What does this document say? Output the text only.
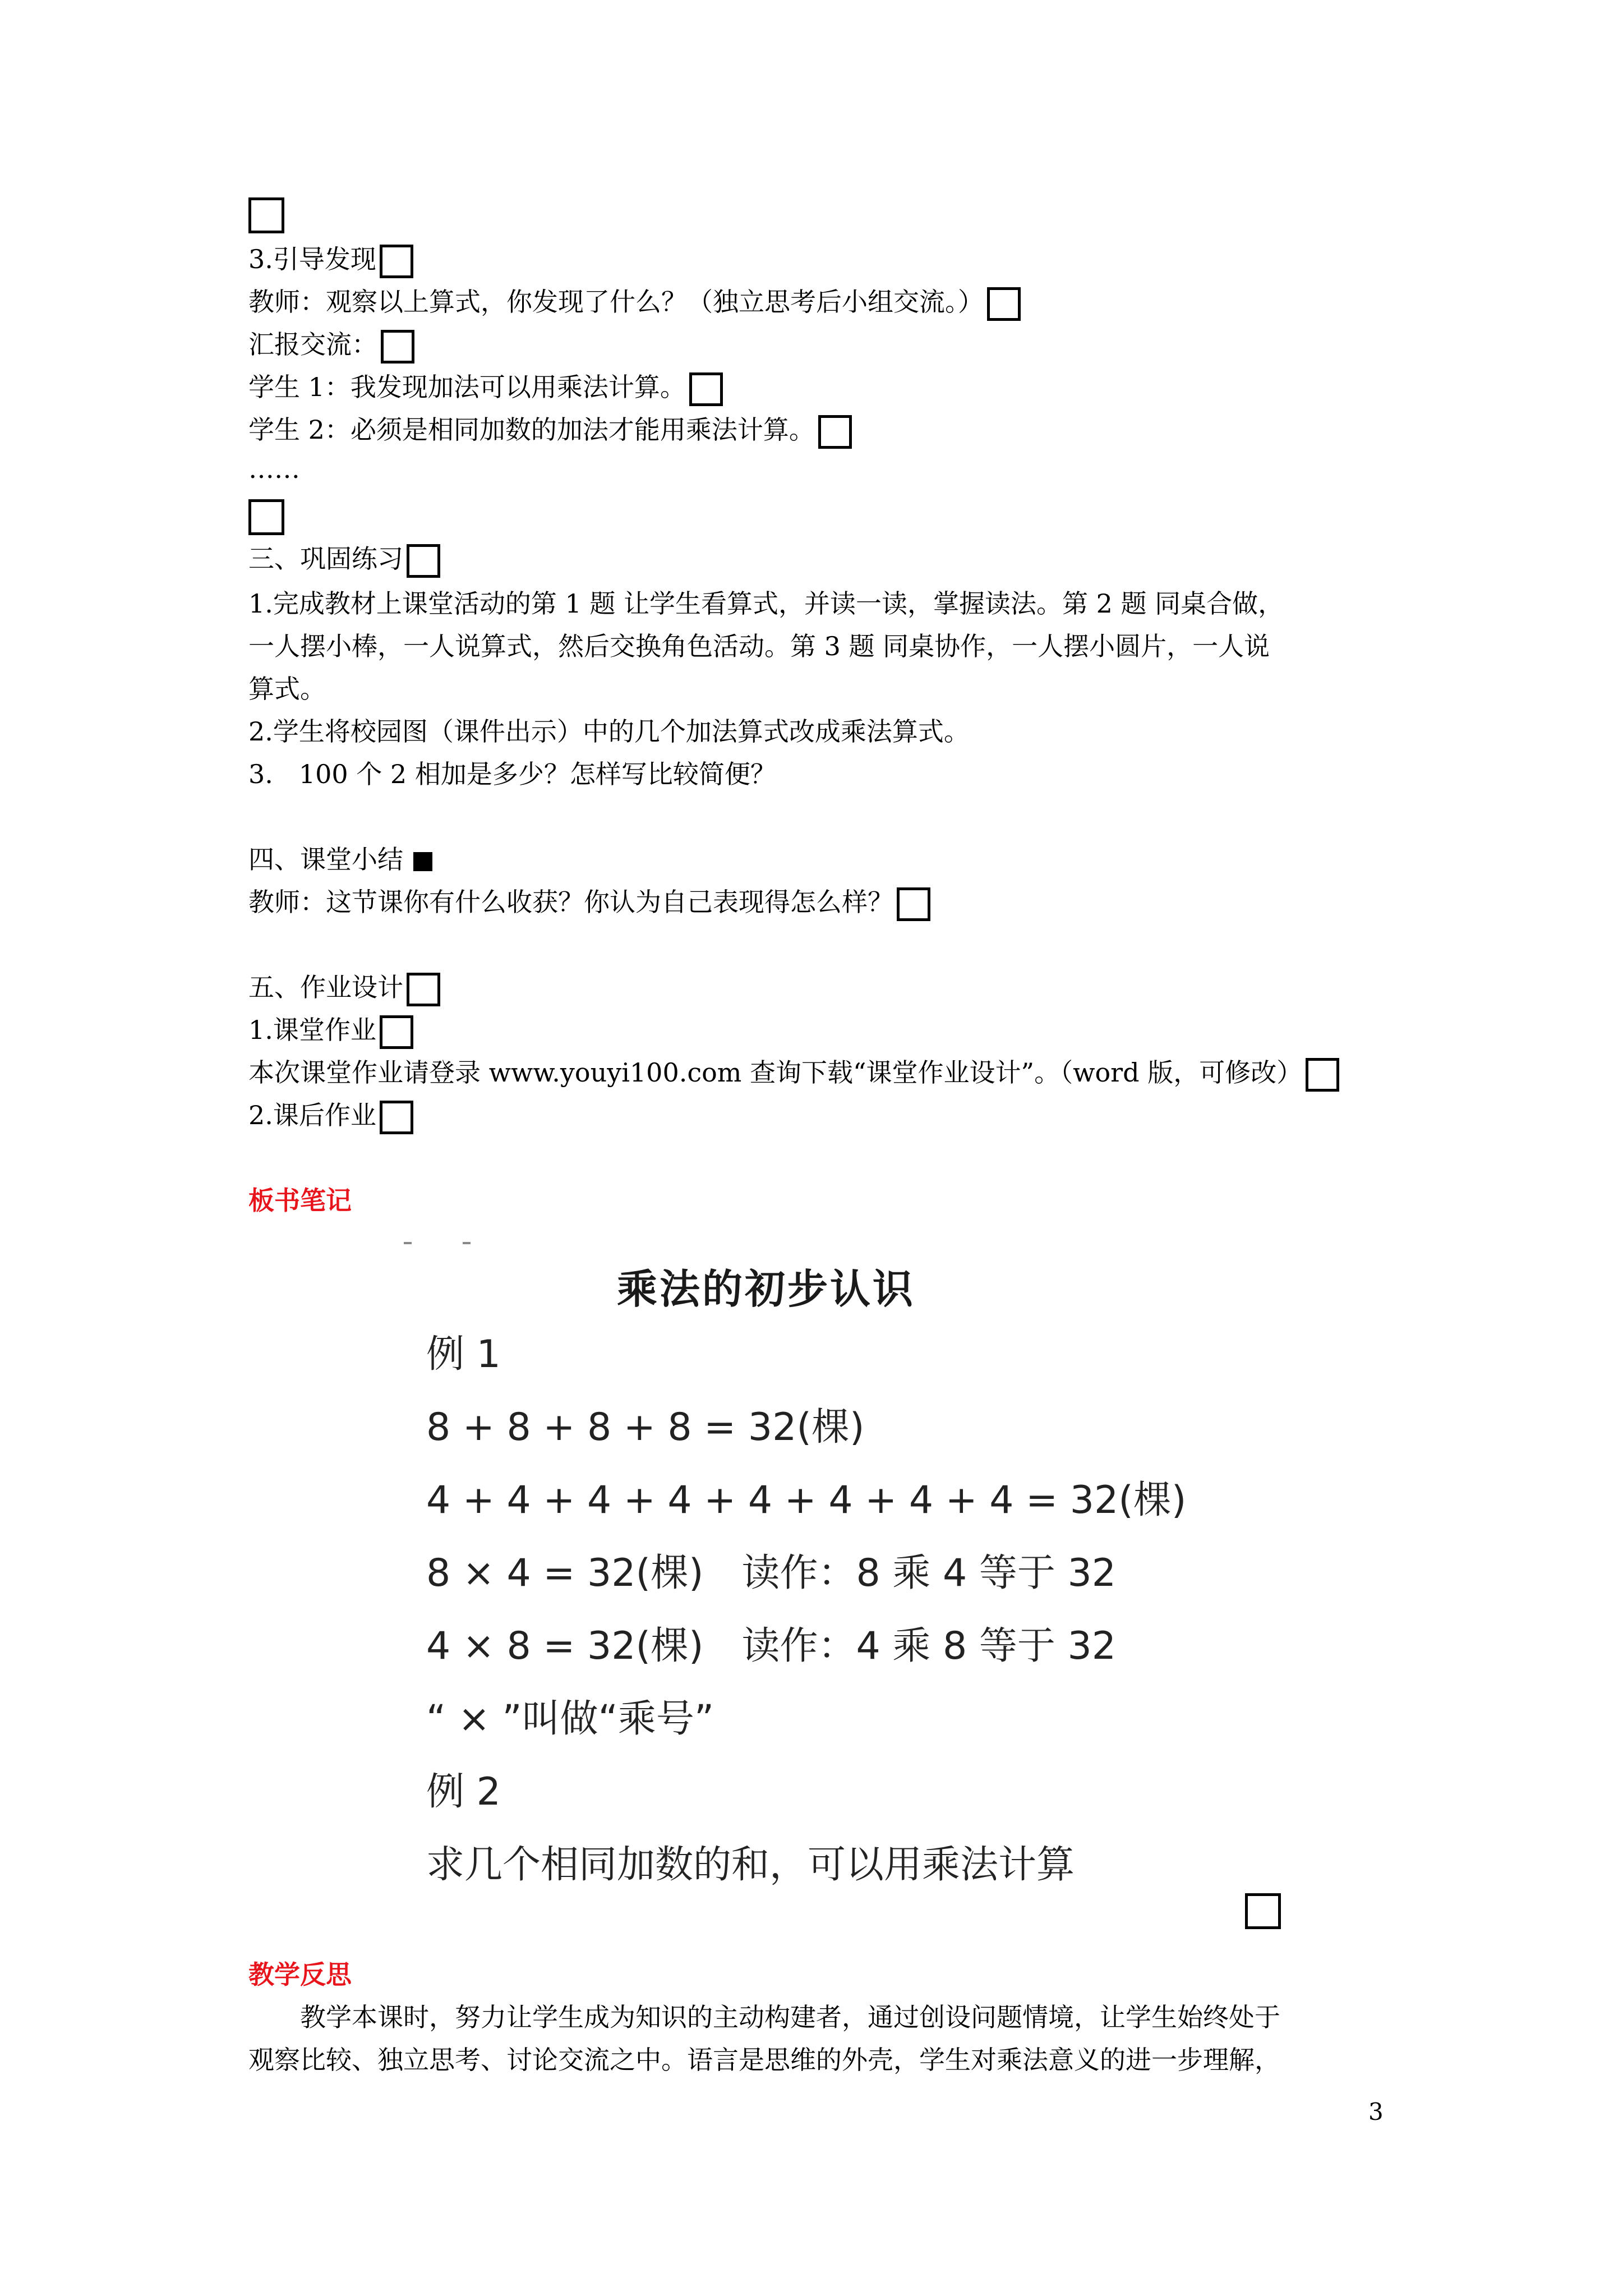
3.引导发现
教师：观察以上算式，你发现了什么？（独立思考后小组交流。）
汇报交流：
学生 1：我发现加法可以用乘法计算。
学生 2：必须是相同加数的加法才能用乘法计算。
……
三、巩固练习
1.完成教材上课堂活动的第 1 题 让学生看算式，并读一读，掌握读法。第 2 题 同桌合做，
一人摆小棒，一人说算式，然后交换角色活动。第 3 题 同桌协作，一人摆小圆片，一人说
算式。
2.学生将校园图（课件出示）中的几个加法算式改成乘法算式。
3.　100 个 2 相加是多少？怎样写比较简便？
四、课堂小结
教师：这节课你有什么收获？你认为自己表现得怎么样？
五、作业设计
1.课堂作业
本次课堂作业请登录 www.youyi100.com 查询下载“课堂作业设计”。（word 版，可修改）
2.课后作业
板书笔记
乘法的初步认识
例 1
8 + 8 + 8 + 8 = 32(棵)
4 + 4 + 4 + 4 + 4 + 4 + 4 + 4 = 32(棵)
8 × 4 = 32(棵)　读作：8 乘 4 等于 32
4 × 8 = 32(棵)　读作：4 乘 8 等于 32
“ × ”叫做“乘号”
例 2
求几个相同加数的和，可以用乘法计算
教学反思
教学本课时，努力让学生成为知识的主动构建者，通过创设问题情境，让学生始终处于
观察比较、独立思考、讨论交流之中。语言是思维的外壳，学生对乘法意义的进一步理解，
3
